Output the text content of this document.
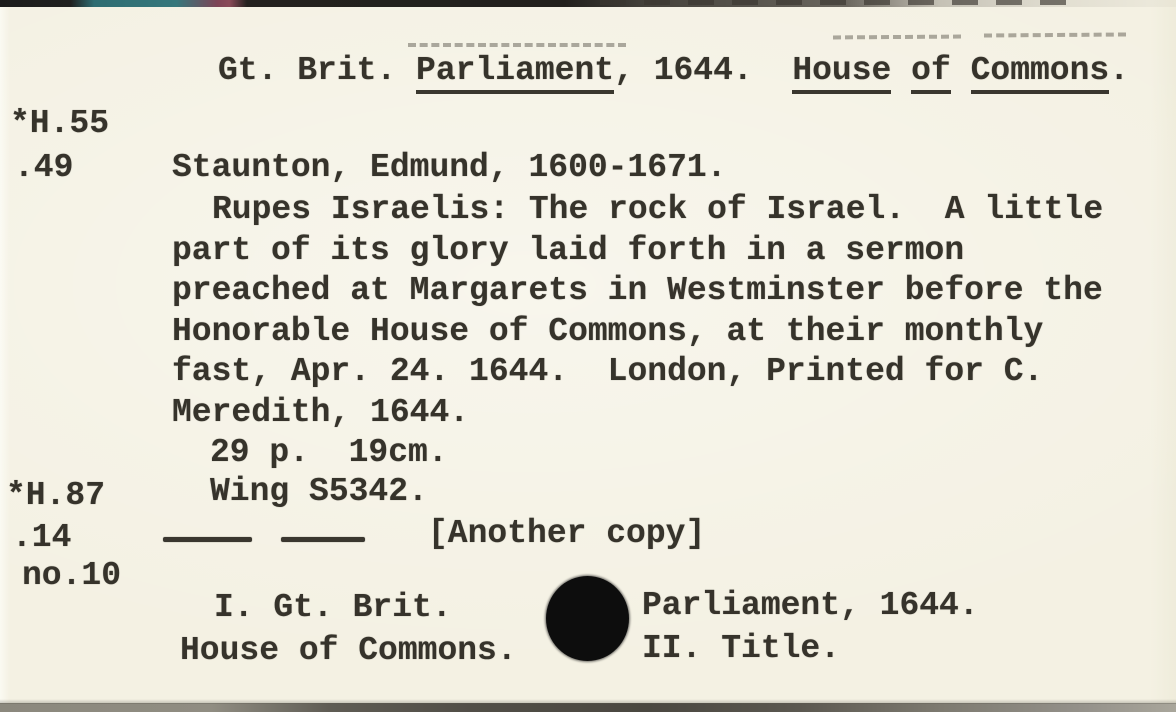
Gt. Brit. Parliament, 1644.  House of Commons.
*H.55
.49	Staunton, Edmund, 1600-1671.
Rupes Israelis: The rock of Israel.  A little
part of its glory laid forth in a sermon
preached at Margarets in Westminster before the
Honorable House of Commons, at their monthly
fast, Apr. 24. 1644.  London, Printed for C.
Meredith, 1644.
29 p.  19cm.
Wing S5342.
*H.87
.14
no.10
[Another copy]
I. Gt. Brit.	Parliament, 1644.
House of Commons.	II. Title.
